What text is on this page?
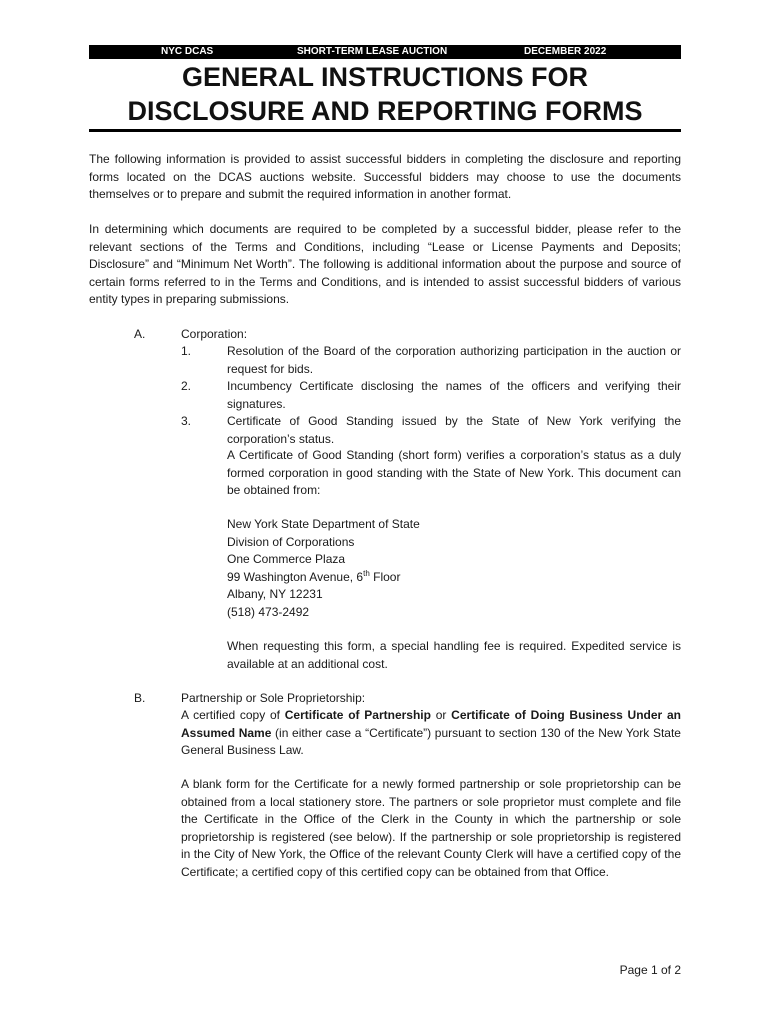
NYC DCAS	SHORT-TERM LEASE AUCTION	DECEMBER 2022
GENERAL INSTRUCTIONS FOR
DISCLOSURE AND REPORTING FORMS

The following information is provided to assist successful bidders in completing the disclosure and reporting forms located on the DCAS auctions website. Successful bidders may choose to use the documents themselves or to prepare and submit the required information in another format.

In determining which documents are required to be completed by a successful bidder, please refer to the relevant sections of the Terms and Conditions, including “Lease or License Payments and Deposits; Disclosure” and “Minimum Net Worth”. The following is additional information about the purpose and source of certain forms referred to in the Terms and Conditions, and is intended to assist successful bidders of various entity types in preparing submissions.

A.	Corporation:
1.	Resolution of the Board of the corporation authorizing participation in the auction or request for bids.

2.	Incumbency Certificate disclosing the names of the officers and verifying their signatures.

3.	Certificate of Good Standing issued by the State of New York verifying the corporation’s status.

A Certificate of Good Standing (short form) verifies a corporation’s status as a duly formed corporation in good standing with the State of New York. This document can be obtained from:

New York State Department of State
Division of Corporations
One Commerce Plaza
99 Washington Avenue, 6th Floor
Albany, NY 12231
(518) 473-2492

When requesting this form, a special handling fee is required. Expedited service is available at an additional cost.

B.	Partnership or Sole Proprietorship:

A certified copy of Certificate of Partnership or Certificate of Doing Business Under an Assumed Name (in either case a “Certificate”) pursuant to section 130 of the New York State General Business Law.

A blank form for the Certificate for a newly formed partnership or sole proprietorship can be obtained from a local stationery store. The partners or sole proprietor must complete and file the Certificate in the Office of the Clerk in the County in which the partnership or sole proprietorship is registered (see below). If the partnership or sole proprietorship is registered in the City of New York, the Office of the relevant County Clerk will have a certified copy of the Certificate; a certified copy of this certified copy can be obtained from that Office.

Page 1 of 2
